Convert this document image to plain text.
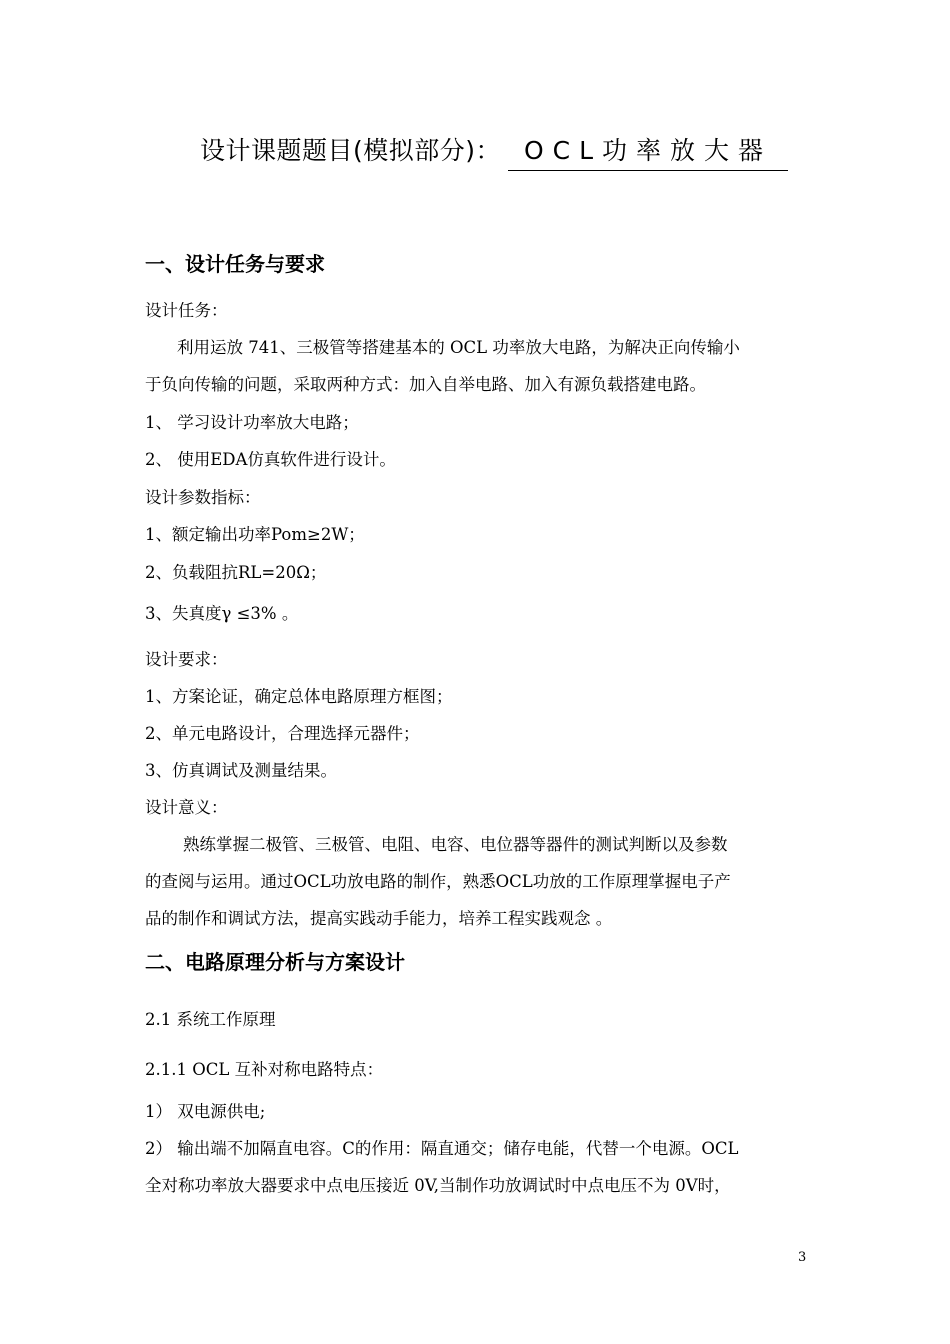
设计课题题目(模拟部分)： OCL功率放大器
一、设计任务与要求
设计任务：
利用运放 741、三极管等搭建基本的 OCL 功率放大电路，为解决正向传输小
于负向传输的问题，采取两种方式：加入自举电路、加入有源负载搭建电路。
1、 学习设计功率放大电路；
2、 使用EDA仿真软件进行设计。
设计参数指标：
1、额定输出功率Pom≥2W；
2、负载阻抗RL=20Ω；
3、失真度γ ≤3% 。
设计要求：
1、方案论证，确定总体电路原理方框图；
2、单元电路设计，合理选择元器件；
3、仿真调试及测量结果。
设计意义：
熟练掌握二极管、三极管、电阻、电容、电位器等器件的测试判断以及参数
的查阅与运用。通过OCL功放电路的制作，熟悉OCL功放的工作原理掌握电子产
品的制作和调试方法，提高实践动手能力，培养工程实践观念 。
二、电路原理分析与方案设计
2.1 系统工作原理
2.1.1 OCL 互补对称电路特点：
1） 双电源供电;
2） 输出端不加隔直电容。C的作用：隔直通交；储存电能，代替一个电源。OCL
全对称功率放大器要求中点电压接近 0V,当制作功放调试时中点电压不为 0V时，
3
